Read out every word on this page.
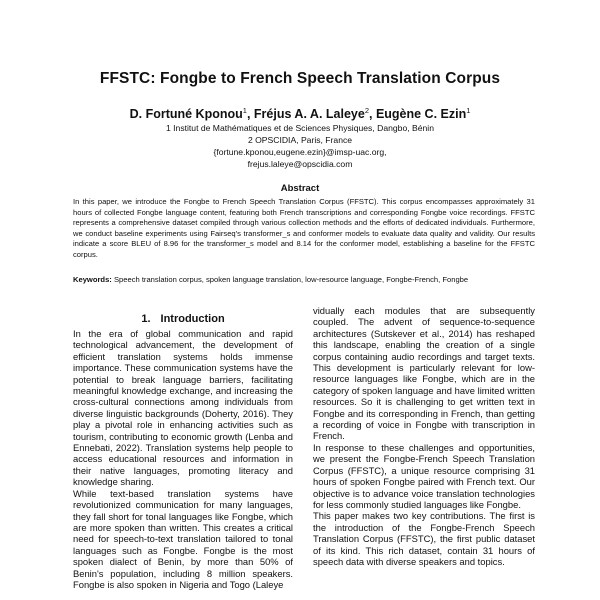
FFSTC: Fongbe to French Speech Translation Corpus
D. Fortuné Kponou$^1$, Fréjus A. A. Laleye$^2$, Eugène C. Ezin$^1$
1 Institut de Mathématiques et de Sciences Physiques, Dangbo, Bénin
2 OPSCIDIA, Paris, France
{fortune.kponou,eugene.ezin}@imsp-uac.org,
frejus.laleye@opscidia.com
Abstract
In this paper, we introduce the Fongbe to French Speech Translation Corpus (FFSTC). This corpus encompasses approximately 31 hours of collected Fongbe language content, featuring both French transcriptions and corresponding Fongbe voice recordings. FFSTC represents a comprehensive dataset compiled through various collection methods and the efforts of dedicated individuals. Furthermore, we conduct baseline experiments using Fairseq's transformer_s and conformer models to evaluate data quality and validity. Our results indicate a score BLEU of 8.96 for the transformer_s model and 8.14 for the conformer model, establishing a baseline for the FFSTC corpus.
Keywords: Speech translation corpus, spoken language translation, low-resource language, Fongbe-French, Fongbe
1. Introduction

In the era of global communication and rapid technological advancement, the development of efficient translation systems holds immense importance. These communication systems have the potential to break language barriers, facilitating meaningful knowledge exchange, and increasing the cross-cultural connections among individuals from diverse linguistic backgrounds (Doherty, 2016). They play a pivotal role in enhancing activities such as tourism, contributing to economic growth (Lenba and Ennebati, 2022). Translation systems help people to access educational resources and information in their native languages, promoting literacy and knowledge sharing.

While text-based translation systems have revolutionized communication for many languages, they fall short for tonal languages like Fongbe, which are more spoken than written. This creates a critical need for speech-to-text translation tailored to tonal languages such as Fongbe. Fongbe is the most spoken dialect of Benin, by more than 50% of Benin's population, including 8 million speakers. Fongbe is also spoken in Nigeria and Togo (Laleye

vidually each modules that are subsequently coupled. The advent of sequence-to-sequence architectures (Sutskever et al., 2014) has reshaped this landscape, enabling the creation of a single corpus containing audio recordings and target texts. This development is particularly relevant for low-resource languages like Fongbe, which are in the category of spoken language and have limited written resources. So it is challenging to get written text in Fongbe and its corresponding in French, than getting a recording of voice in Fongbe with transcription in French.

In response to these challenges and opportunities, we present the Fongbe-French Speech Translation Corpus (FFSTC), a unique resource comprising 31 hours of spoken Fongbe paired with French text. Our objective is to advance voice translation technologies for less commonly studied languages like Fongbe.

This paper makes two key contributions. The first is the introduction of the Fongbe-French Speech Translation Corpus (FFSTC), the first public dataset of its kind. This rich dataset, contain 31 hours of speech data with diverse speakers and topics.
